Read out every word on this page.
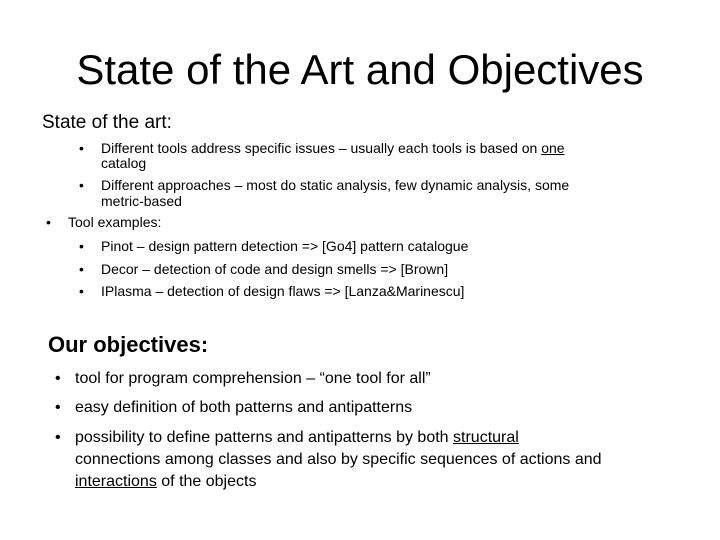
State of the Art and Objectives
State of the art:
• Different tools address specific issues – usually each tools is based on one
catalog
• Different approaches – most do static analysis, few dynamic analysis, some
metric-based
• Tool examples:
• Pinot – design pattern detection => [Go4] pattern catalogue
• Decor – detection of code and design smells => [Brown]
• IPlasma – detection of design flaws => [Lanza&Marinescu]
Our objectives:
• tool for program comprehension – “one tool for all”
• easy definition of both patterns and antipatterns
• possibility to define patterns and antipatterns by both structural
connections among classes and also by specific sequences of actions and
interactions of the objects
